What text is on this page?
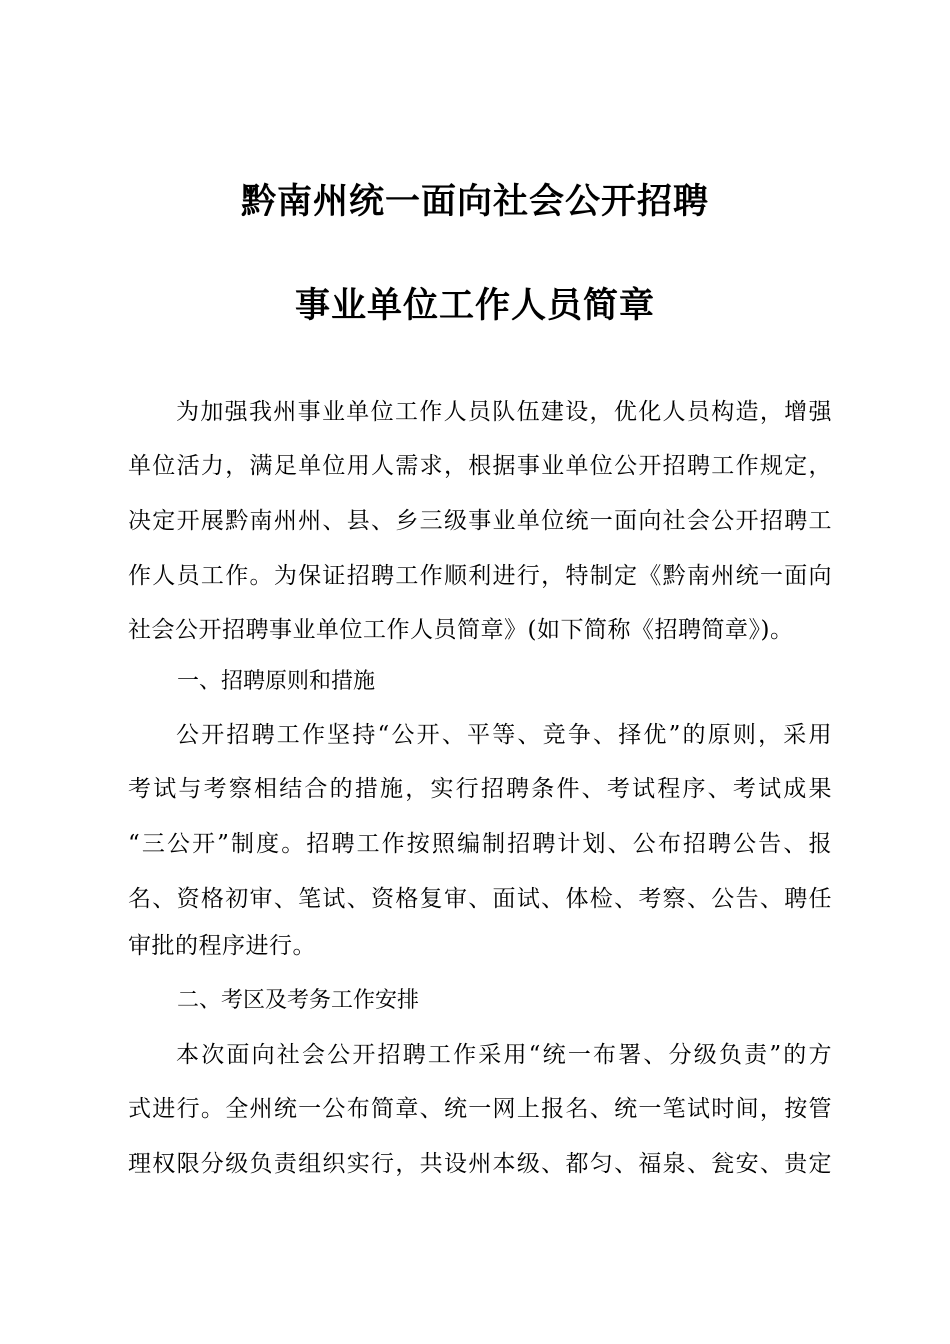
黔南州统一面向社会公开招聘
事业单位工作人员简章
为加强我州事业单位工作人员队伍建设，优化人员构造，增强
单位活力，满足单位用人需求，根据事业单位公开招聘工作规定，
决定开展黔南州州、县、乡三级事业单位统一面向社会公开招聘工
作人员工作。为保证招聘工作顺利进行，特制定《黔南州统一面向
社会公开招聘事业单位工作人员简章》(如下简称《招聘简章》)。
一、招聘原则和措施
公开招聘工作坚持“公开、平等、竞争、择优”的原则，采用
考试与考察相结合的措施，实行招聘条件、考试程序、考试成果
“三公开”制度。招聘工作按照编制招聘计划、公布招聘公告、报
名、资格初审、笔试、资格复审、面试、体检、考察、公告、聘任
审批的程序进行。
二、考区及考务工作安排
本次面向社会公开招聘工作采用“统一布署、分级负责”的方
式进行。全州统一公布简章、统一网上报名、统一笔试时间，按管
理权限分级负责组织实行，共设州本级、都匀、福泉、瓮安、贵定
